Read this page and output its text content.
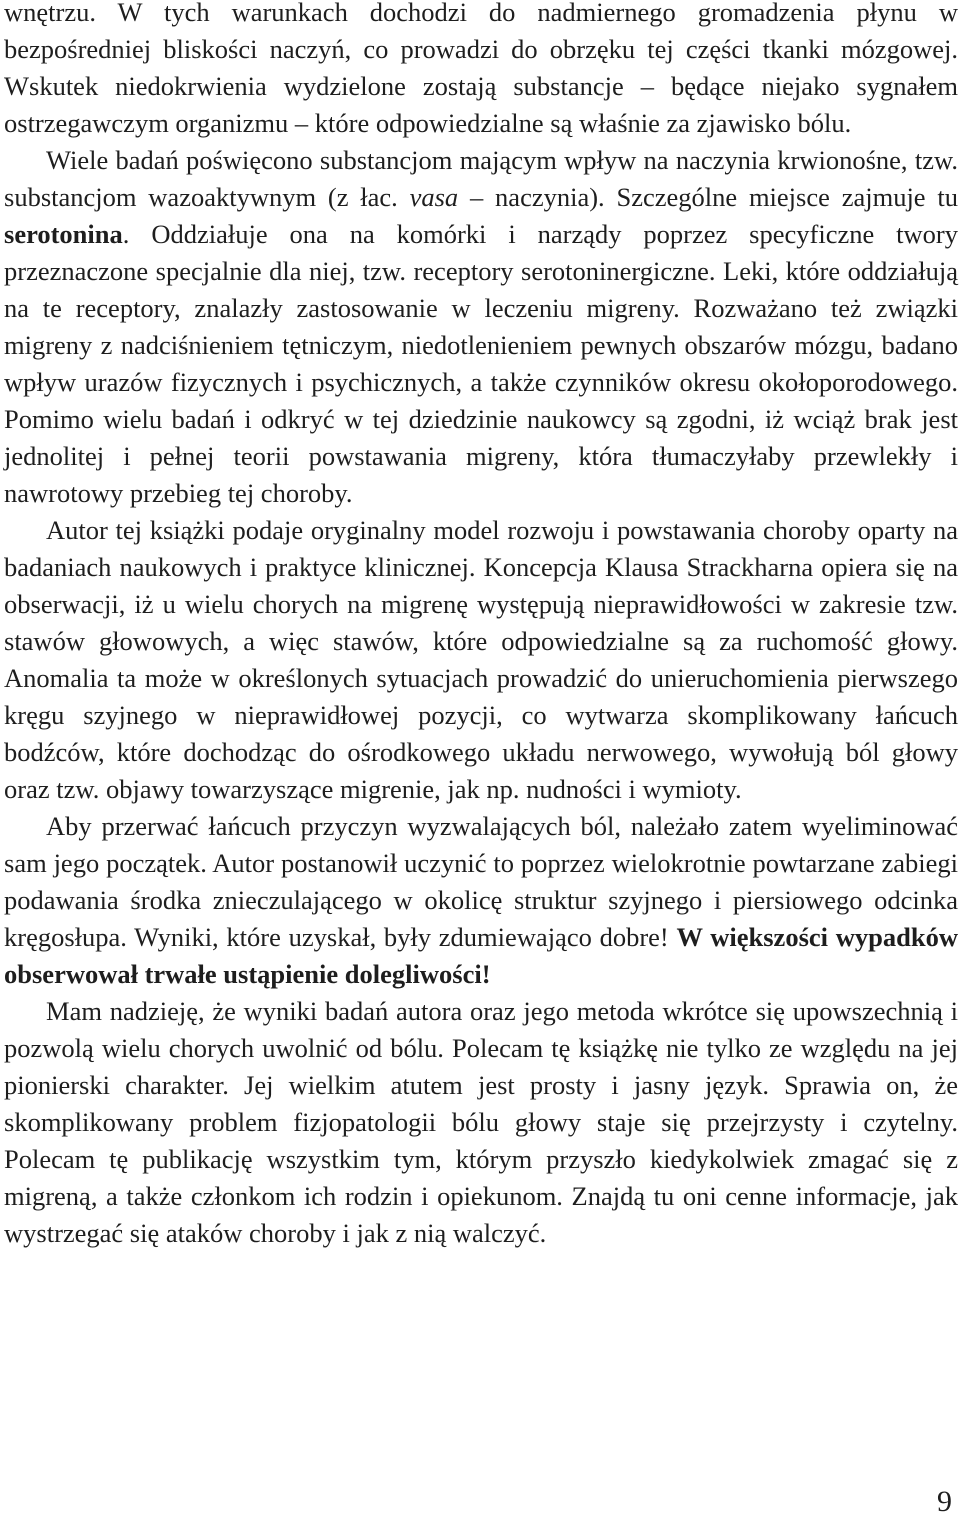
wnętrzu. W tych warunkach dochodzi do nadmiernego gromadzenia płynu w bezpośredniej bliskości naczyń, co prowadzi do obrzęku tej części tkanki mózgowej. Wskutek niedokrwienia wydzielone zostają substancje – będące niejako sygnałem ostrzegawczym organizmu – które odpowiedzialne są właśnie za zjawisko bólu.

Wiele badań poświęcono substancjom mającym wpływ na naczynia krwionośne, tzw. substancjom wazoaktywnym (z łac. vasa – naczynia). Szczególne miejsce zajmuje tu serotonina. Oddziałuje ona na komórki i narządy poprzez specyficzne twory przeznaczone specjalnie dla niej, tzw. receptory serotoninergiczne. Leki, które oddziałują na te receptory, znalazły zastosowanie w leczeniu migreny. Rozważano też związki migreny z nadciśnieniem tętniczym, niedotlenieniem pewnych obszarów mózgu, badano wpływ urazów fizycznych i psychicznych, a także czynników okresu okołoporodowego. Pomimo wielu badań i odkryć w tej dziedzinie naukowcy są zgodni, iż wciąż brak jest jednolitej i pełnej teorii powstawania migreny, która tłumaczyłaby przewlekły i nawrotowy przebieg tej choroby.

Autor tej książki podaje oryginalny model rozwoju i powstawania choroby oparty na badaniach naukowych i praktyce klinicznej. Koncepcja Klausa Strackharna opiera się na obserwacji, iż u wielu chorych na migrenę występują nieprawidłowości w zakresie tzw. stawów głowowych, a więc stawów, które odpowiedzialne są za ruchomość głowy. Anomalia ta może w określonych sytuacjach prowadzić do unieruchomienia pierwszego kręgu szyjnego w nieprawidłowej pozycji, co wytwarza skomplikowany łańcuch bodźców, które dochodząc do ośrodkowego układu nerwowego, wywołują ból głowy oraz tzw. objawy towarzyszące migrenie, jak np. nudności i wymioty.

Aby przerwać łańcuch przyczyn wyzwalających ból, należało zatem wyeliminować sam jego początek. Autor postanowił uczynić to poprzez wielokrotnie powtarzane zabiegi podawania środka znieczulającego w okolicę struktur szyjnego i piersiowego odcinka kręgosłupa. Wyniki, które uzyskał, były zdumiewająco dobre! W większości wypadków obserwował trwałe ustąpienie dolegliwości!

Mam nadzieję, że wyniki badań autora oraz jego metoda wkrótce się upowszechnią i pozwolą wielu chorych uwolnić od bólu. Polecam tę książkę nie tylko ze względu na jej pionierski charakter. Jej wielkim atutem jest prosty i jasny język. Sprawia on, że skomplikowany problem fizjopatologii bólu głowy staje się przejrzysty i czytelny. Polecam tę publikację wszystkim tym, którym przyszło kiedykolwiek zmagać się z migreną, a także członkom ich rodzin i opiekunom. Znajdą tu oni cenne informacje, jak wystrzegać się ataków choroby i jak z nią walczyć.

9
